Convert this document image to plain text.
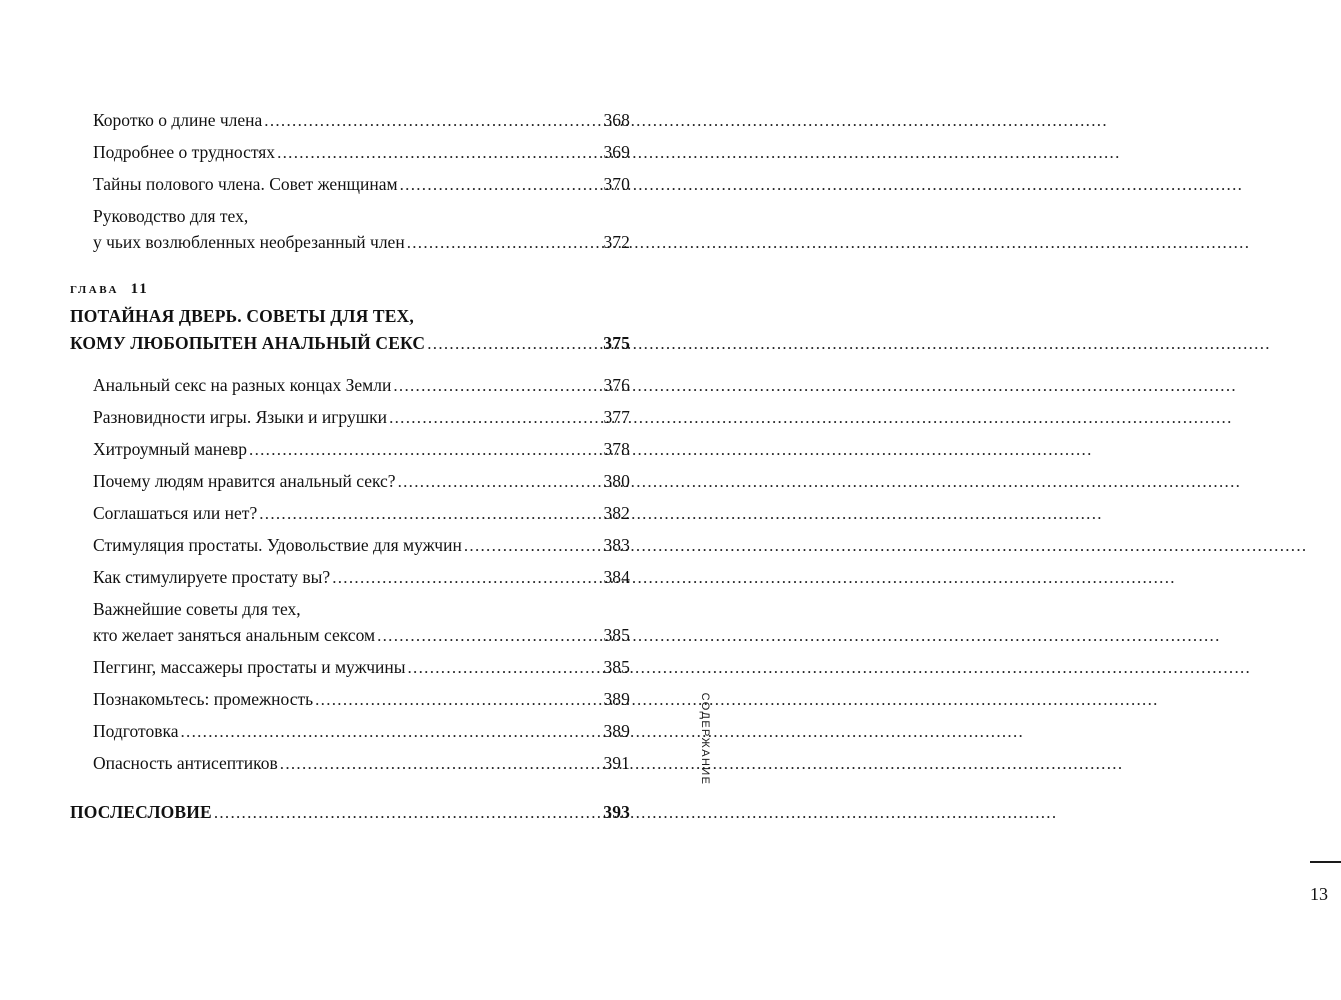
Коротко о длине члена .....	368
Подробнее о трудностях .....	369
Тайны полового члена. Совет женщинам .....	370
Руководство для тех,
у чьих возлюбленных необрезанный член .....	372
глава  11
ПОТАЙНАЯ ДВЕРЬ. СОВЕТЫ ДЛЯ ТЕХ,
КОМУ ЛЮБОПЫТЕН АНАЛЬНЫЙ СЕКС .....	375
Анальный секс на разных концах Земли .....	376
Разновидности игры. Языки и игрушки .....	377
Хитроумный маневр .....	378
Почему людям нравится анальный секс? .....	380
Соглашаться или нет? .....	382
Стимуляция простаты. Удовольствие для мужчин .....	383
Как стимулируете простату вы? .....	384
Важнейшие советы для тех,
кто желает заняться анальным сексом .....	385
Пеггинг, массажеры простаты и мужчины .....	385
Познакомьтесь: промежность .....	389
Подготовка .....	389
Опасность антисептиков .....	391
ПОСЛЕСЛОВИЕ .....	393
СОДЕРЖАНИЕ
13
